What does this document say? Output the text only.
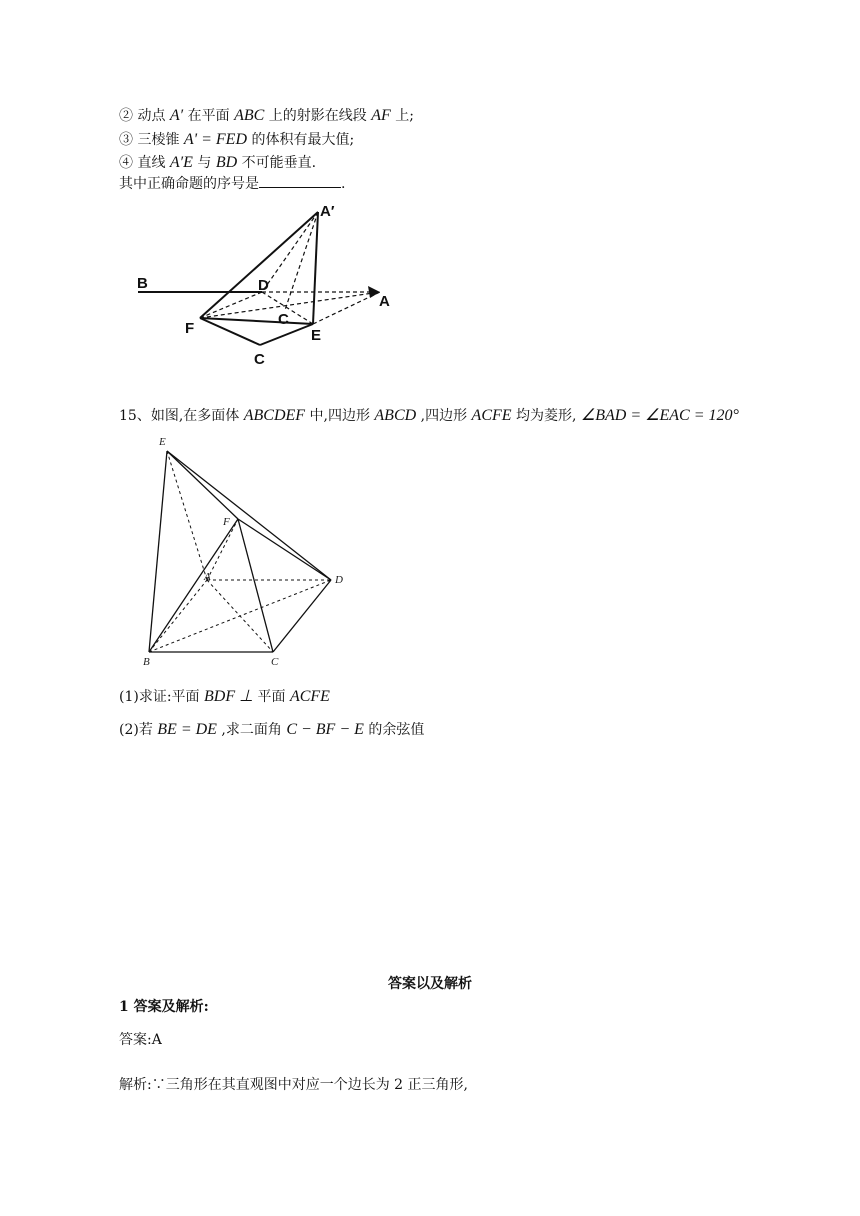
② 动点 A′ 在平面 ABC 上的射影在线段 AF 上;
③ 三棱锥 A' = FED 的体积有最大值;
④ 直线 A′E 与 BD 不可能垂直.
其中正确命题的序号是	.
A′
B	D
A
F
C
E
C
15、如图,在多面体 ABCDEF 中,四边形 ABCD ,四边形 ACFE 均为菱形, ∠BAD = ∠EAC = 120°
E
F
A	D
B	C
(1)求证:平面 BDF ⊥ 平面 ACFE
(2)若 BE = DE ,求二面角 C − BF − E 的余弦值
答案以及解析
1 答案及解析:
答案:A
解析:∵三角形在其直观图中对应一个边长为 2 正三角形,
